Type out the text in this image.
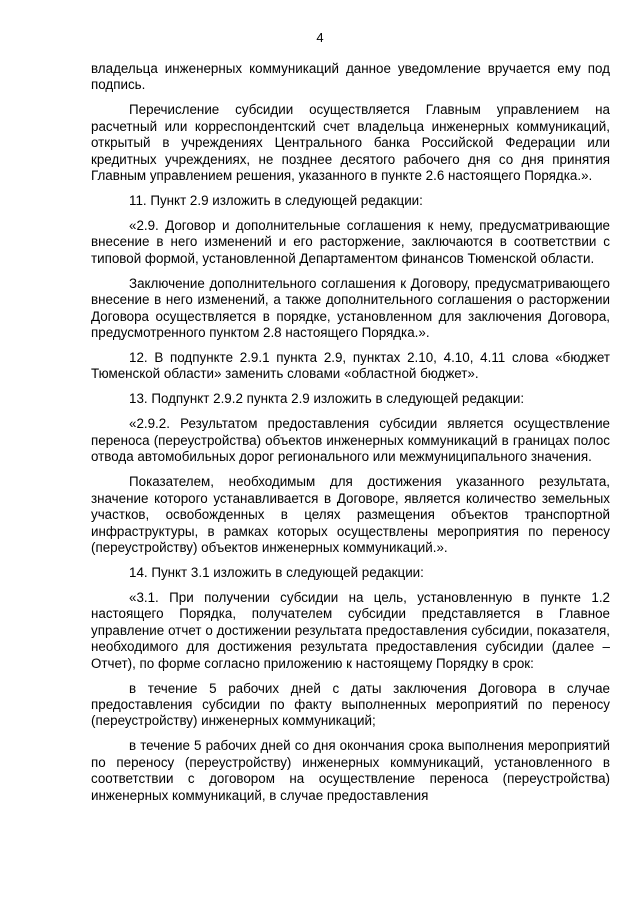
4

владельца инженерных коммуникаций данное уведомление вручается ему под подпись.

Перечисление субсидии осуществляется Главным управлением на расчетный или корреспондентский счет владельца инженерных коммуникаций, открытый в учреждениях Центрального банка Российской Федерации или кредитных учреждениях, не позднее десятого рабочего дня со дня принятия Главным управлением решения, указанного в пункте 2.6 настоящего Порядка.».

11. Пункт 2.9 изложить в следующей редакции:

«2.9. Договор и дополнительные соглашения к нему, предусматривающие внесение в него изменений и его расторжение, заключаются в соответствии с типовой формой, установленной Департаментом финансов Тюменской области.

Заключение дополнительного соглашения к Договору, предусматривающего внесение в него изменений, а также дополнительного соглашения о расторжении Договора осуществляется в порядке, установленном для заключения Договора, предусмотренного пунктом 2.8 настоящего Порядка.».

12. В подпункте 2.9.1 пункта 2.9, пунктах 2.10, 4.10, 4.11 слова «бюджет Тюменской области» заменить словами «областной бюджет».

13. Подпункт 2.9.2 пункта 2.9 изложить в следующей редакции:

«2.9.2. Результатом предоставления субсидии является осуществление переноса (переустройства) объектов инженерных коммуникаций в границах полос отвода автомобильных дорог регионального или межмуниципального значения.

Показателем, необходимым для достижения указанного результата, значение которого устанавливается в Договоре, является количество земельных участков, освобожденных в целях размещения объектов транспортной инфраструктуры, в рамках которых осуществлены мероприятия по переносу (переустройству) объектов инженерных коммуникаций.».

14. Пункт 3.1 изложить в следующей редакции:

«3.1. При получении субсидии на цель, установленную в пункте 1.2 настоящего Порядка, получателем субсидии представляется в Главное управление отчет о достижении результата предоставления субсидии, показателя, необходимого для достижения результата предоставления субсидии (далее – Отчет), по форме согласно приложению к настоящему Порядку в срок:

в течение 5 рабочих дней с даты заключения Договора в случае предоставления субсидии по факту выполненных мероприятий по переносу (переустройству) инженерных коммуникаций;

в течение 5 рабочих дней со дня окончания срока выполнения мероприятий по переносу (переустройству) инженерных коммуникаций, установленного в соответствии с договором на осуществление переноса (переустройства) инженерных коммуникаций, в случае предоставления
